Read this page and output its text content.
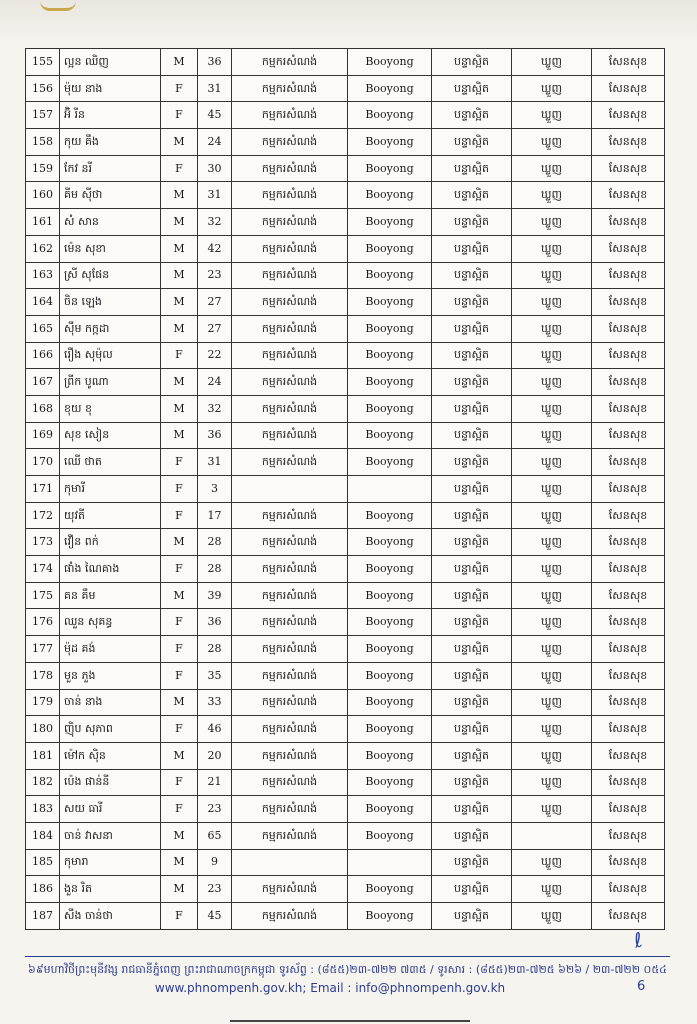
155	ល្អន ឈិញ	M	36	កម្មករសំណង់	Booyong	បន្ទាស្អិត	ឃ្លួញ	សែនសុខ
156	ម៉ុយ នាង	F	31	កម្មករសំណង់	Booyong	បន្ទាស្អិត	ឃ្លួញ	សែនសុខ
157	អ៊ិ រីន	F	45	កម្មករសំណង់	Booyong	បន្ទាស្អិត	ឃ្លួញ	សែនសុខ
158	កុយ គឹង	M	24	កម្មករសំណង់	Booyong	បន្ទាស្អិត	ឃ្លួញ	សែនសុខ
159	កែវ នរី	F	30	កម្មករសំណង់	Booyong	បន្ទាស្អិត	ឃ្លួញ	សែនសុខ
160	គីម ស៊ីថា	M	31	កម្មករសំណង់	Booyong	បន្ទាស្អិត	ឃ្លួញ	សែនសុខ
161	សំ សាន	M	32	កម្មករសំណង់	Booyong	បន្ទាស្អិត	ឃ្លួញ	សែនសុខ
162	ម៉េន សុខា	M	42	កម្មករសំណង់	Booyong	បន្ទាស្អិត	ឃ្លួញ	សែនសុខ
163	ស្រី សុផែន	M	23	កម្មករសំណង់	Booyong	បន្ទាស្អិត	ឃ្លួញ	សែនសុខ
164	ចិន ឡេង	M	27	កម្មករសំណង់	Booyong	បន្ទាស្អិត	ឃ្លួញ	សែនសុខ
165	ស៊ឹម កក្កដា	M	27	កម្មករសំណង់	Booyong	បន្ទាស្អិត	ឃ្លួញ	សែនសុខ
166	រឿង សុម៉ុល	F	22	កម្មករសំណង់	Booyong	បន្ទាស្អិត	ឃ្លួញ	សែនសុខ
167	ព្រីក បូណា	M	24	កម្មករសំណង់	Booyong	បន្ទាស្អិត	ឃ្លួញ	សែនសុខ
168	ខុយ ខុ	M	32	កម្មករសំណង់	Booyong	បន្ទាស្អិត	ឃ្លួញ	សែនសុខ
169	សុខ សៀន	M	36	កម្មករសំណង់	Booyong	បន្ទាស្អិត	ឃ្លួញ	សែនសុខ
170	ឈើ ថាត	F	31	កម្មករសំណង់	Booyong	បន្ទាស្អិត	ឃ្លួញ	សែនសុខ
171	កុមារី	F	3			បន្ទាស្អិត	ឃ្លួញ	សែនសុខ
172	យុវតី	F	17	កម្មករសំណង់	Booyong	បន្ទាស្អិត	ឃ្លួញ	សែនសុខ
173	វឿន ពក់	M	28	កម្មករសំណង់	Booyong	បន្ទាស្អិត	ឃ្លួញ	សែនសុខ
174	ផាំង ណៃគាង	F	28	កម្មករសំណង់	Booyong	បន្ទាស្អិត	ឃ្លួញ	សែនសុខ
175	គន គឹម	M	39	កម្មករសំណង់	Booyong	បន្ទាស្អិត	ឃ្លួញ	សែនសុខ
176	ឈួន សុគន្ធ	F	36	កម្មករសំណង់	Booyong	បន្ទាស្អិត	ឃ្លួញ	សែនសុខ
177	ម៉ុដ គង់	F	28	កម្មករសំណង់	Booyong	បន្ទាស្អិត	ឃ្លួញ	សែនសុខ
178	មួន ភួង	F	35	កម្មករសំណង់	Booyong	បន្ទាស្អិត	ឃ្លួញ	សែនសុខ
179	ចាន់ នាង	M	33	កម្មករសំណង់	Booyong	បន្ទាស្អិត	ឃ្លួញ	សែនសុខ
180	ញ៉ិប សុភាព	F	46	កម្មករសំណង់	Booyong	បន្ទាស្អិត	ឃ្លួញ	សែនសុខ
181	ម៉ៅក ស៊ិន	M	20	កម្មករសំណង់	Booyong	បន្ទាស្អិត	ឃ្លួញ	សែនសុខ
182	ប៉េង ផាន់នី	F	21	កម្មករសំណង់	Booyong	បន្ទាស្អិត	ឃ្លួញ	សែនសុខ
183	សយ ធារី	F	23	កម្មករសំណង់	Booyong	បន្ទាស្អិត	ឃ្លួញ	សែនសុខ
184	ចាន់ វាសនា	M	65	កម្មករសំណង់	Booyong	បន្ទាស្អិត		សែនសុខ
185	កុមារា	M	9			បន្ទាស្អិត	ឃ្លួញ	សែនសុខ
186	ងួន រិត	M	23	កម្មករសំណង់	Booyong	បន្ទាស្អិត	ឃ្លួញ	សែនសុខ
187	សឹង ចាន់ថា	F	45	កម្មករសំណង់	Booyong	បន្ទាស្អិត	ឃ្លួញ	សែនសុខ
ℓ
៦៩មហាវិថីព្រះមុនីវង្ស រាជធានីភ្នំពេញ ព្រះរាជាណាចក្រកម្ពុជា ទូរស័ព្ទ : (៨៥៥)២៣-៧២២ ៧៣៥ / ទូរសារ : (៨៥៥)២៣-៧២៥ ៦២៦ / ២៣-៧២២ ០៥៤
www.phnompenh.gov.kh; Email : info@phnompenh.gov.kh	6
